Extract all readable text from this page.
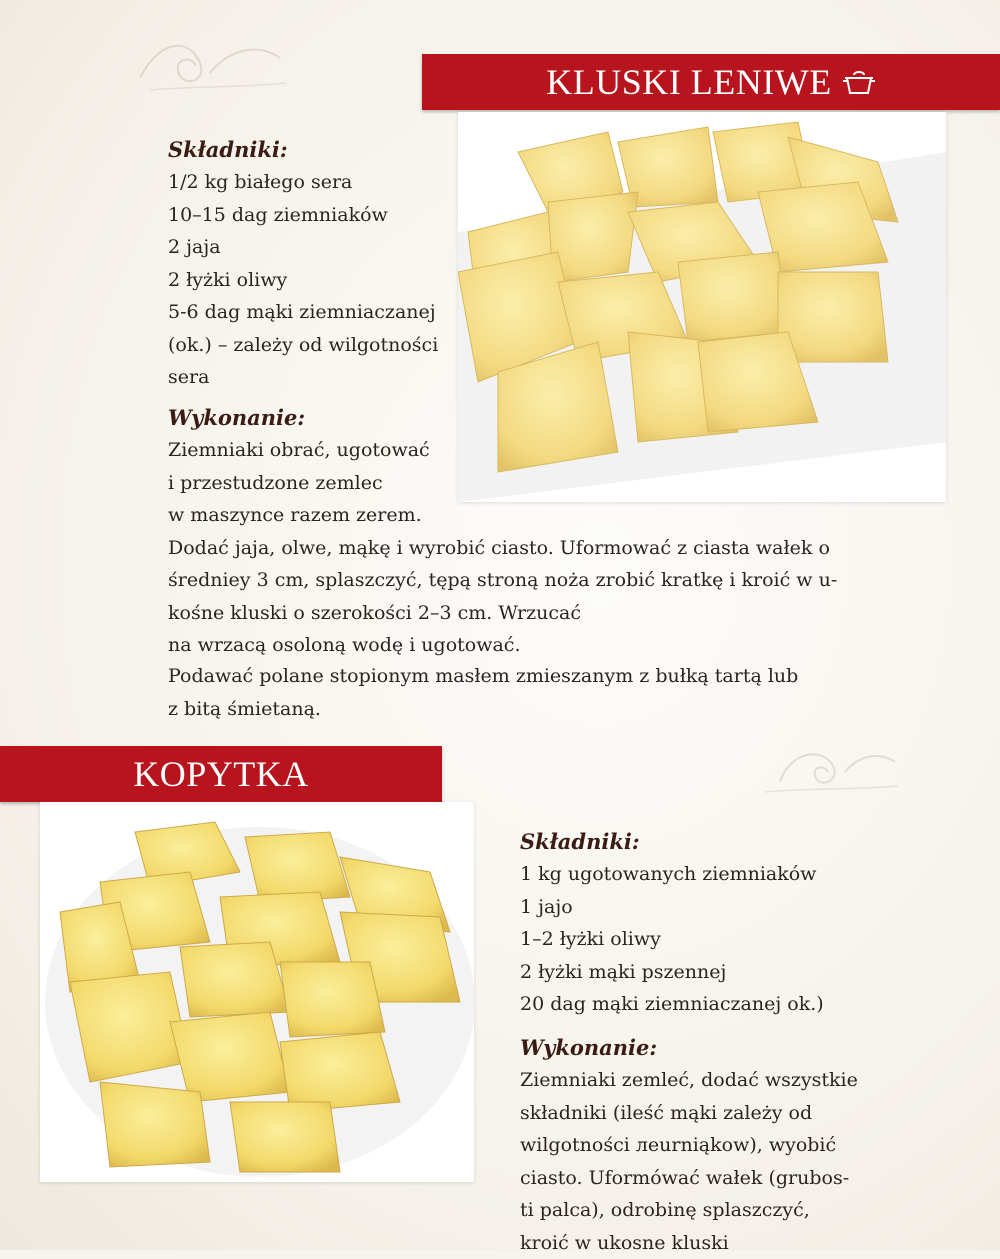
KLUSKI LENIWE
Składniki:
1/2 kg białego sera
10–15 dag ziemniaków
2 jaja
2 łyżki oliwy
5-6 dag mąki ziemniaczanej
(ok.) – zależy od wilgotności
sera
Wykonanie:
Ziemniaki obrać, ugotować
i przestudzone zemlec
w maszynce razem zerem.
Dodać jaja, olwe, mąkę i wyrobić ciasto. Uformować z ciasta wałek o
średniey 3 cm, splaszczyć, tępą stroną noża zrobić kratkę i kroić w u-
kośne kluski o szerokości 2–3 cm. Wrzucać
na wrzacą osoloną wodę i ugotować.
Podawać polane stopionym masłem zmieszanym z bułką tartą lub
z bitą śmietaną.
KOPYTKA
Składniki:
1 kg ugotowanych ziemniaków
1 jajo
1–2 łyżki oliwy
2 łyżki mąki pszennej
20 dag mąki ziemniaczanej ok.)
Wykonanie:
Ziemniaki zemleć, dodać wszystkie
składniki (ileść mąki zależy od
wilgotności лeurniąkow), wyobić
ciasto. Uformówać wałek (grubos-
ti palca), odrobinę splaszczyć,
kroić w ukosne kluski
